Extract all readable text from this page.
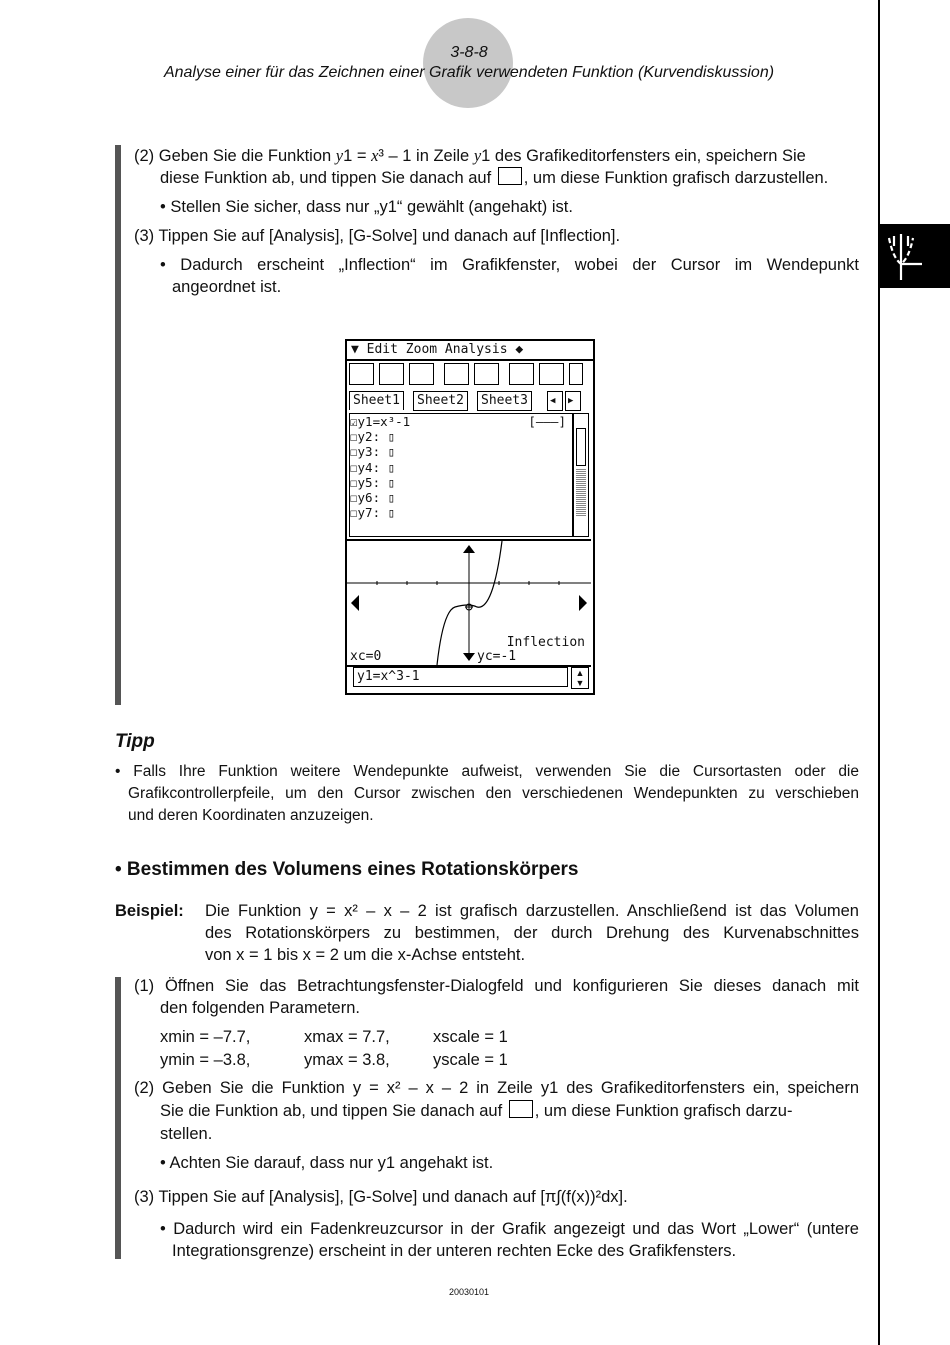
3-8-8
Analyse einer für das Zeichnen einer Grafik verwendeten Funktion (Kurvendiskussion)
(2) Geben Sie die Funktion y1 = x³ – 1 in Zeile y1 des Grafikeditorfensters ein, speichern Sie
diese Funktion ab, und tippen Sie danach auf , um diese Funktion grafisch darzustellen.
• Stellen Sie sicher, dass nur „y1“ gewählt (angehakt) ist.
(3) Tippen Sie auf [Analysis], [G-Solve] und danach auf [Inflection].
• Dadurch erscheint „Inflection“ im Grafikfenster, wobei der Cursor im Wendepunkt
angeordnet ist.
▼ Edit Zoom Analysis ◆
Sheet1	Sheet2	Sheet3	◀	▶
☑y1=x³-1	[———]
☐y2: ▯
☐y3: ▯
☐y4: ▯
☐y5: ▯
☐y6: ▯
☐y7: ▯
Inflection
xc=0	yc=-1
y1=x^3-1	▲
▼
Tipp
• Falls Ihre Funktion weitere Wendepunkte aufweist, verwenden Sie die Cursortasten oder die
Grafikcontrollerpfeile, um den Cursor zwischen den verschiedenen Wendepunkten zu verschieben
und deren Koordinaten anzuzeigen.
• Bestimmen des Volumens eines Rotationskörpers
Beispiel: Die Funktion y = x² – x – 2 ist grafisch darzustellen. Anschließend ist das Volumen
des Rotationskörpers zu bestimmen, der durch Drehung des Kurvenabschnittes
von x = 1 bis x = 2 um die x-Achse entsteht.
(1) Öffnen Sie das Betrachtungsfenster-Dialogfeld und konfigurieren Sie dieses danach mit
den folgenden Parametern.
xmin = –7.7,	xmax = 7.7,	xscale = 1
ymin = –3.8,	ymax = 3.8,	yscale = 1
(2) Geben Sie die Funktion y = x² – x – 2 in Zeile y1 des Grafikeditorfensters ein, speichern
Sie die Funktion ab, und tippen Sie danach auf , um diese Funktion grafisch darzu-
stellen.
• Achten Sie darauf, dass nur y1 angehakt ist.
(3) Tippen Sie auf [Analysis], [G-Solve] und danach auf [π∫(f(x))²dx].
• Dadurch wird ein Fadenkreuzcursor in der Grafik angezeigt und das Wort „Lower“ (untere
Integrationsgrenze) erscheint in der unteren rechten Ecke des Grafikfensters.
20030101
